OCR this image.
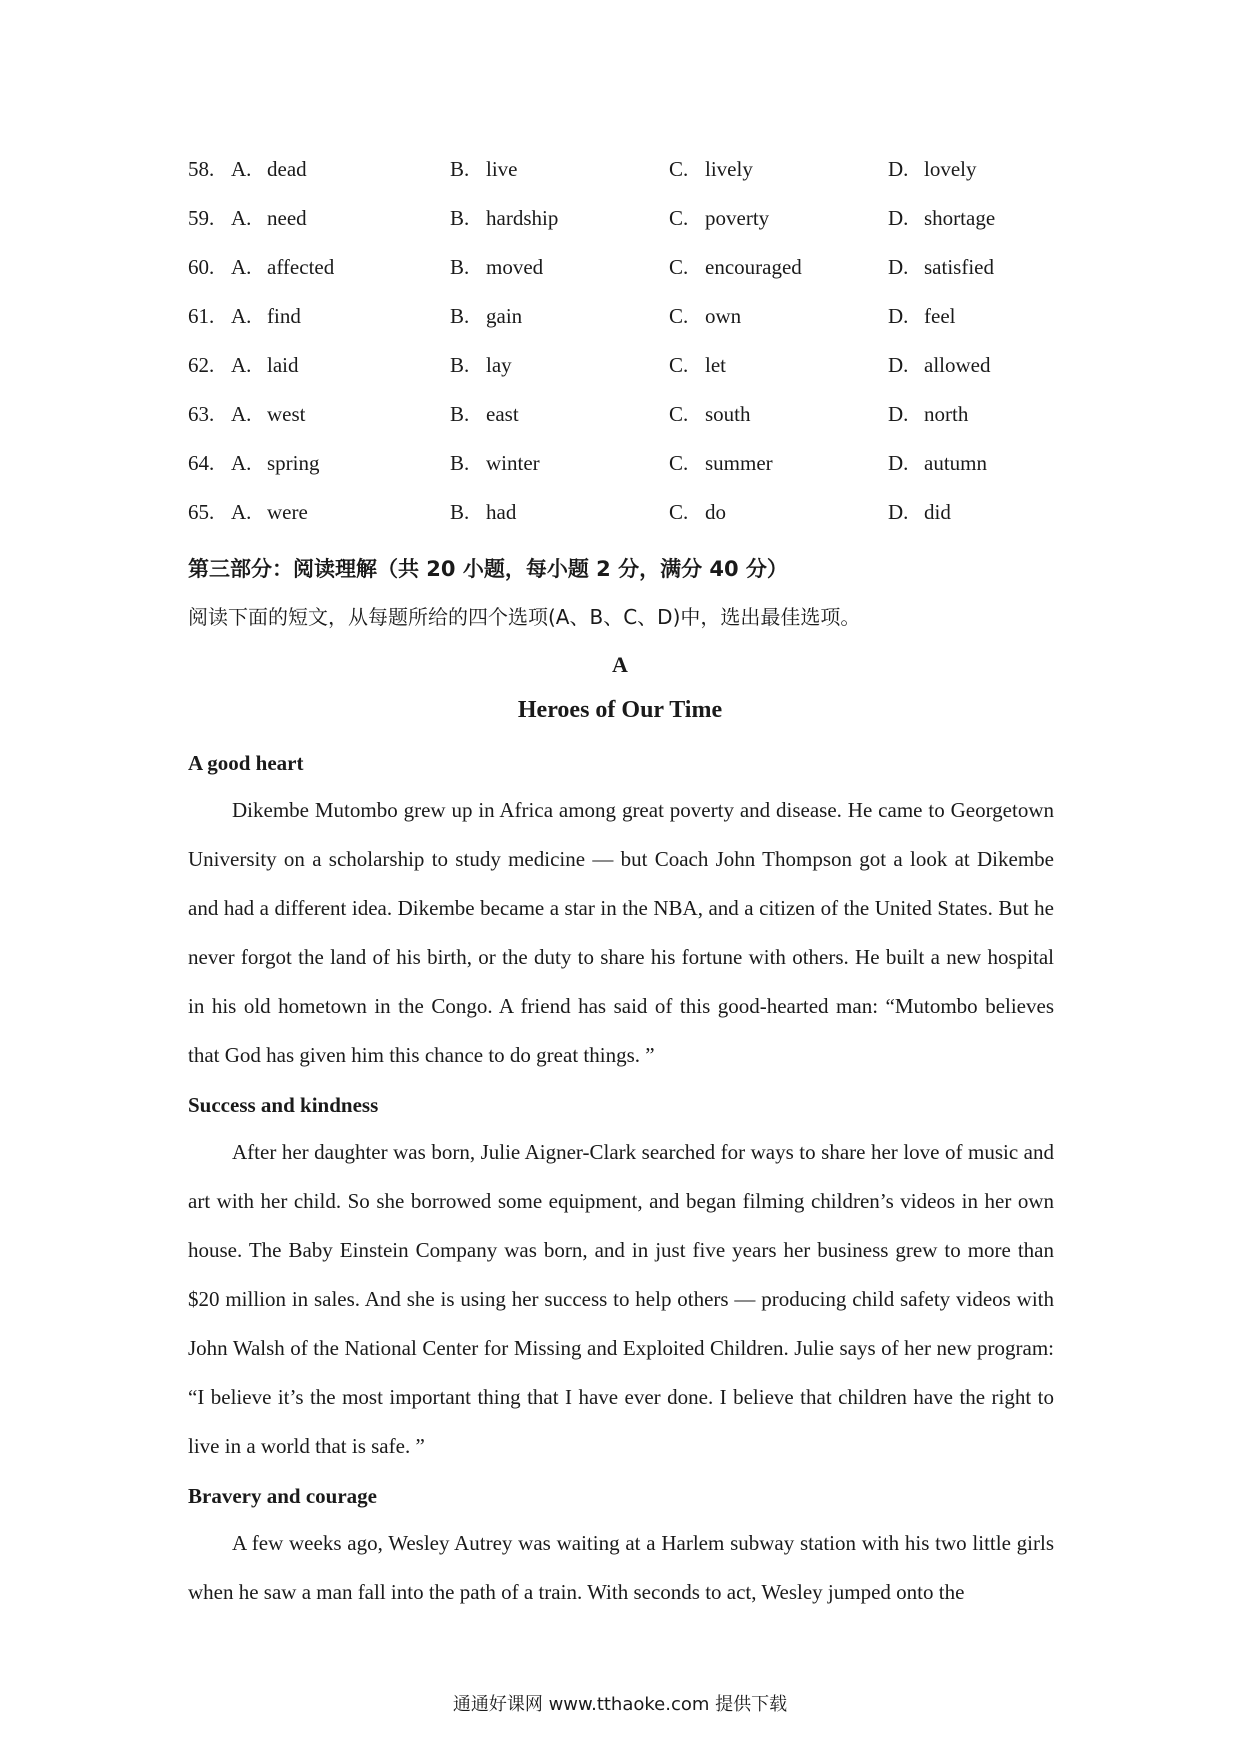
58. A. dead	B. live	C. lively	D. lovely
59. A. need	B. hardship	C. poverty	D. shortage
60. A. affected	B. moved	C. encouraged	D. satisfied
61. A. find	B. gain	C. own	D. feel
62. A. laid	B. lay	C. let	D. allowed
63. A. west	B. east	C. south	D. north
64. A. spring	B. winter	C. summer	D. autumn
65. A. were	B. had	C. do	D. did
第三部分：阅读理解（共 20 小题，每小题 2 分，满分 40 分）
阅读下面的短文，从每题所给的四个选项(A、B、C、D)中，选出最佳选项。
A
Heroes of Our Time
A good heart

Dikembe Mutombo grew up in Africa among great poverty and disease. He came to Georgetown University on a scholarship to study medicine — but Coach John Thompson got a look at Dikembe and had a different idea. Dikembe became a star in the NBA, and a citizen of the United States. But he never forgot the land of his birth, or the duty to share his fortune with others. He built a new hospital in his old hometown in the Congo. A friend has said of this good-hearted man: “Mutombo believes that God has given him this chance to do great things. ”

Success and kindness

After her daughter was born, Julie Aigner-Clark searched for ways to share her love of music and art with her child. So she borrowed some equipment, and began filming children’s videos in her own house. The Baby Einstein Company was born, and in just five years her business grew to more than $20 million in sales. And she is using her success to help others — producing child safety videos with John Walsh of the National Center for Missing and Exploited Children. Julie says of her new program: “I believe it’s the most important thing that I have ever done. I believe that children have the right to live in a world that is safe. ”

Bravery and courage

A few weeks ago, Wesley Autrey was waiting at a Harlem subway station with his two little girls when he saw a man fall into the path of a train. With seconds to act, Wesley jumped onto the

通通好课网 www.tthaoke.com 提供下载
